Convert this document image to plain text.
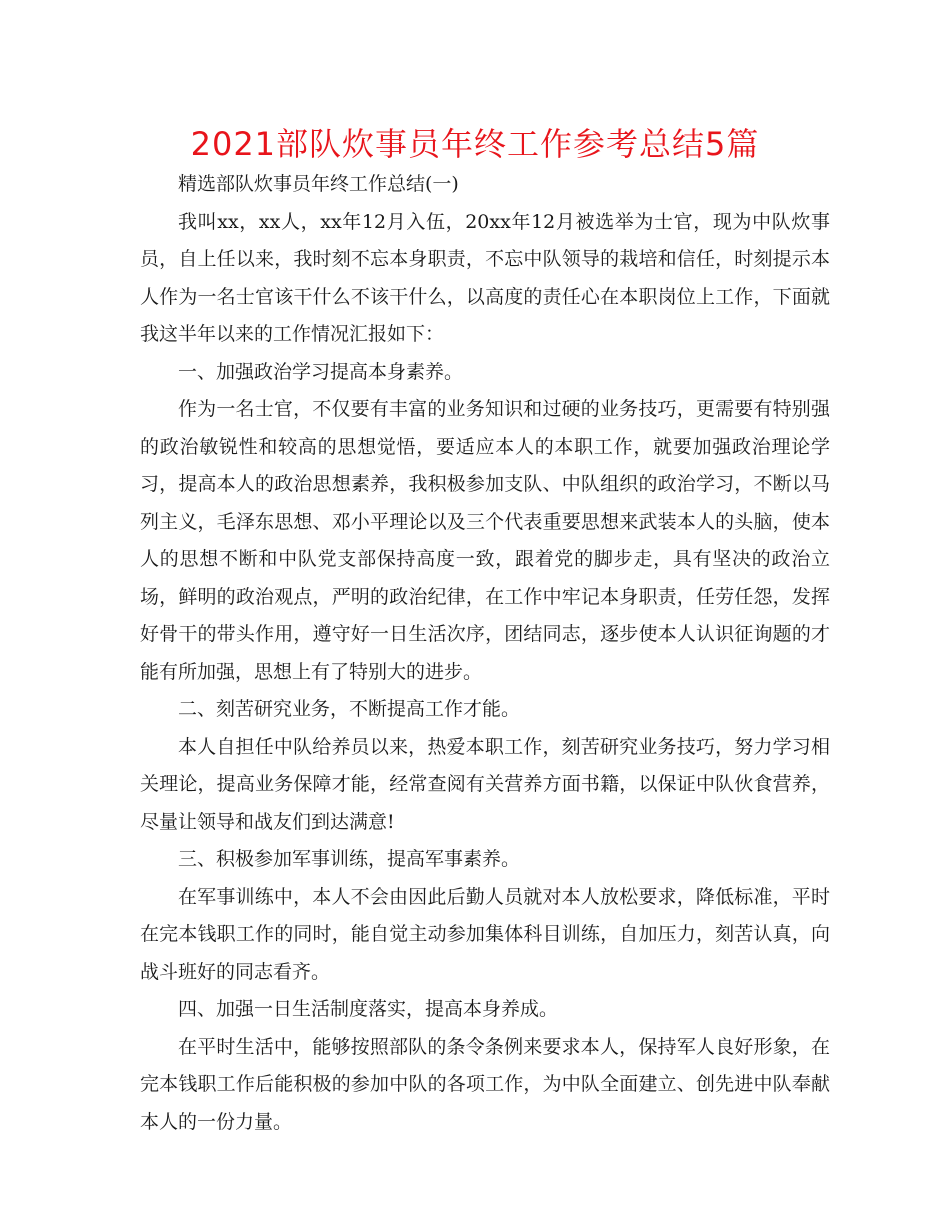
2021部队炊事员年终工作参考总结5篇

精选部队炊事员年终工作总结(一)

我叫xx，xx人，xx年12月入伍，20xx年12月被选举为士官，现为中队炊事员，自上任以来，我时刻不忘本身职责，不忘中队领导的栽培和信任，时刻提示本人作为一名士官该干什么不该干什么，以高度的责任心在本职岗位上工作，下面就我这半年以来的工作情况汇报如下：

一、加强政治学习提高本身素养。

作为一名士官，不仅要有丰富的业务知识和过硬的业务技巧，更需要有特别强的政治敏锐性和较高的思想觉悟，要适应本人的本职工作，就要加强政治理论学习，提高本人的政治思想素养，我积极参加支队、中队组织的政治学习，不断以马列主义，毛泽东思想、邓小平理论以及三个代表重要思想来武装本人的头脑，使本人的思想不断和中队党支部保持高度一致，跟着党的脚步走，具有坚决的政治立场，鲜明的政治观点，严明的政治纪律，在工作中牢记本身职责，任劳任怨，发挥好骨干的带头作用，遵守好一日生活次序，团结同志，逐步使本人认识征询题的才能有所加强，思想上有了特别大的进步。

二、刻苦研究业务，不断提高工作才能。

本人自担任中队给养员以来，热爱本职工作，刻苦研究业务技巧，努力学习相关理论，提高业务保障才能，经常查阅有关营养方面书籍，以保证中队伙食营养，尽量让领导和战友们到达满意!

三、积极参加军事训练，提高军事素养。

在军事训练中，本人不会由因此后勤人员就对本人放松要求，降低标准，平时在完本钱职工作的同时，能自觉主动参加集体科目训练，自加压力，刻苦认真，向战斗班好的同志看齐。

四、加强一日生活制度落实，提高本身养成。

在平时生活中，能够按照部队的条令条例来要求本人，保持军人良好形象，在完本钱职工作后能积极的参加中队的各项工作，为中队全面建立、创先进中队奉献本人的一份力量。
